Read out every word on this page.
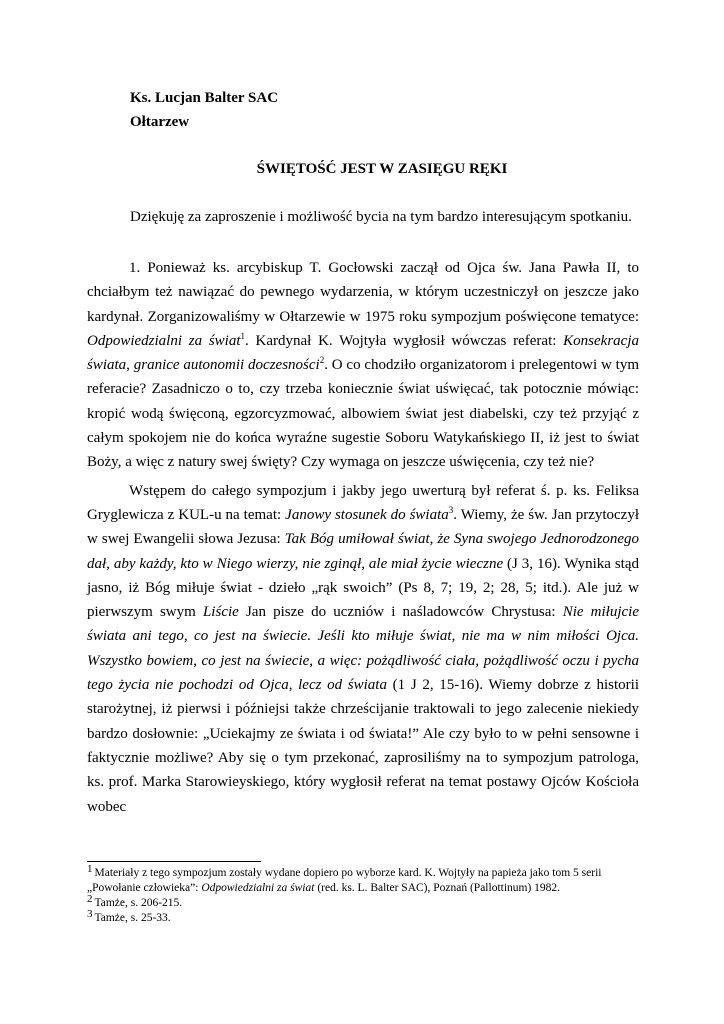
Ks. Lucjan Balter SAC
Ołtarzew
ŚWIĘTOŚĆ JEST W ZASIĘGU RĘKI
Dziękuję za zaproszenie i możliwość bycia na tym bardzo interesującym spotkaniu.

1. Ponieważ ks. arcybiskup T. Gocłowski zaczął od Ojca św. Jana Pawła II, to chciałbym też nawiązać do pewnego wydarzenia, w którym uczestniczył on jeszcze jako kardynał. Zorganizowaliśmy w Ołtarzewie w 1975 roku sympozjum poświęcone tematyce: Odpowiedzialni za świat$^1$. Kardynał K. Wojtyła wygłosił wówczas referat: Konsekracja świata, granice autonomii doczesności$^2$. O co chodziło organizatorom i prelegentowi w tym referacie? Zasadniczo o to, czy trzeba koniecznie świat uświęcać, tak potocznie mówiąc: kropić wodą święconą, egzorcyzmować, albowiem świat jest diabelski, czy też przyjąć z całym spokojem nie do końca wyraźne sugestie Soboru Watykańskiego II, iż jest to świat Boży, a więc z natury swej święty? Czy wymaga on jeszcze uświęcenia, czy też nie?

Wstępem do całego sympozjum i jakby jego uwerturą był referat ś. p. ks. Feliksa Gryglewicza z KUL-u na temat: Janowy stosunek do świata$^3$. Wiemy, że św. Jan przytoczył w swej Ewangelii słowa Jezusa: Tak Bóg umiłował świat, że Syna swojego Jednorodzonego dał, aby każdy, kto w Niego wierzy, nie zginął, ale miał życie wieczne (J 3, 16). Wynika stąd jasno, iż Bóg miłuje świat - dzieło „rąk swoich” (Ps 8, 7; 19, 2; 28, 5; itd.). Ale już w pierwszym swym Liście Jan pisze do uczniów i naśladowców Chrystusa: Nie miłujcie świata ani tego, co jest na świecie. Jeśli kto miłuje świat, nie ma w nim miłości Ojca. Wszystko bowiem, co jest na świecie, a więc: pożądliwość ciała, pożądliwość oczu i pycha tego życia nie pochodzi od Ojca, lecz od świata (1 J 2, 15-16). Wiemy dobrze z historii starożytnej, iż pierwsi i późniejsi także chrześcijanie traktowali to jego zalecenie niekiedy bardzo dosłownie: „Uciekajmy ze świata i od świata!” Ale czy było to w pełni sensowne i faktycznie możliwe? Aby się o tym przekonać, zaprosiliśmy na to sympozjum patrologa, ks. prof. Marka Starowieyskiego, który wygłosił referat na temat postawy Ojców Kościoła wobec

$^1$ Materiały z tego sympozjum zostały wydane dopiero po wyborze kard. K. Wojtyły na papieża jako tom 5 serii
„Powołanie człowieka”: Odpowiedzialni za świat (red. ks. L. Balter SAC), Poznań (Pallottinum) 1982.
$^2$ Tamże, s. 206-215.
$^3$ Tamże, s. 25-33.
